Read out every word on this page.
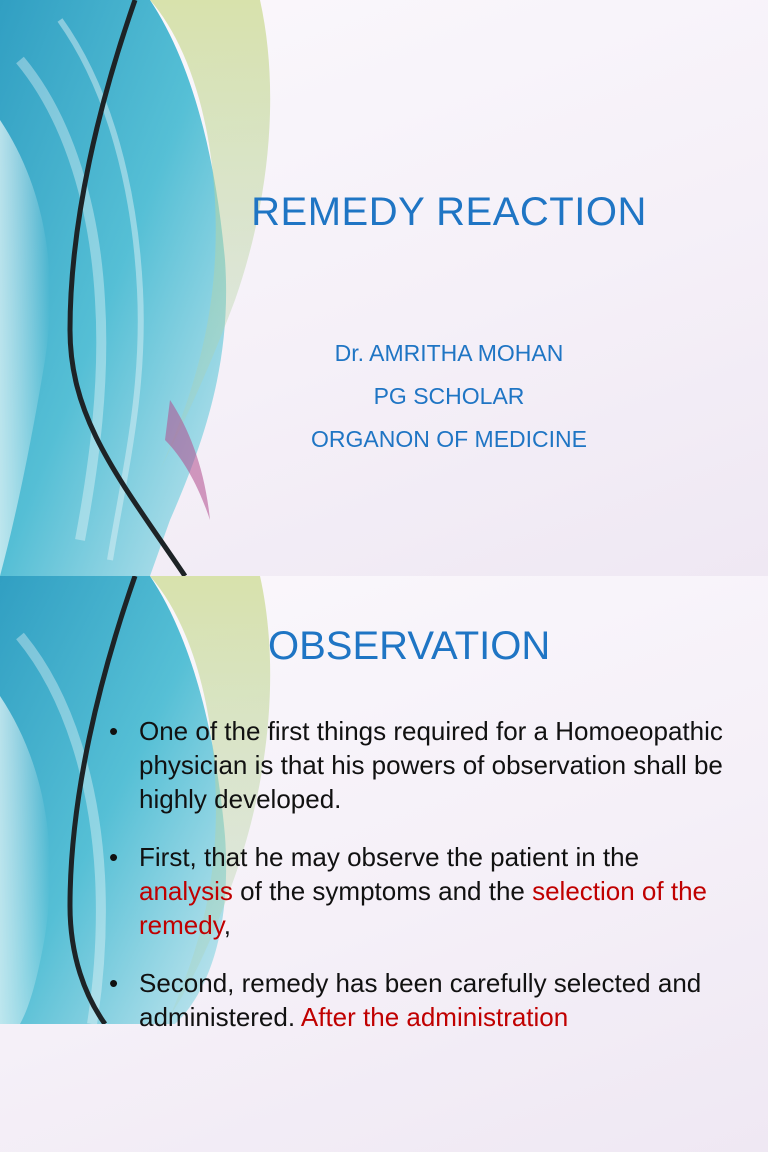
REMEDY REACTION
Dr. AMRITHA MOHAN
PG SCHOLAR
ORGANON OF MEDICINE
OBSERVATION
• One of the first things required for a Homoeopathic physician is that his powers of observation shall be highly developed.
• First, that he may observe the patient in the analysis of the symptoms and the selection of the remedy,
• Second, remedy has been carefully selected and administered. After the administration
